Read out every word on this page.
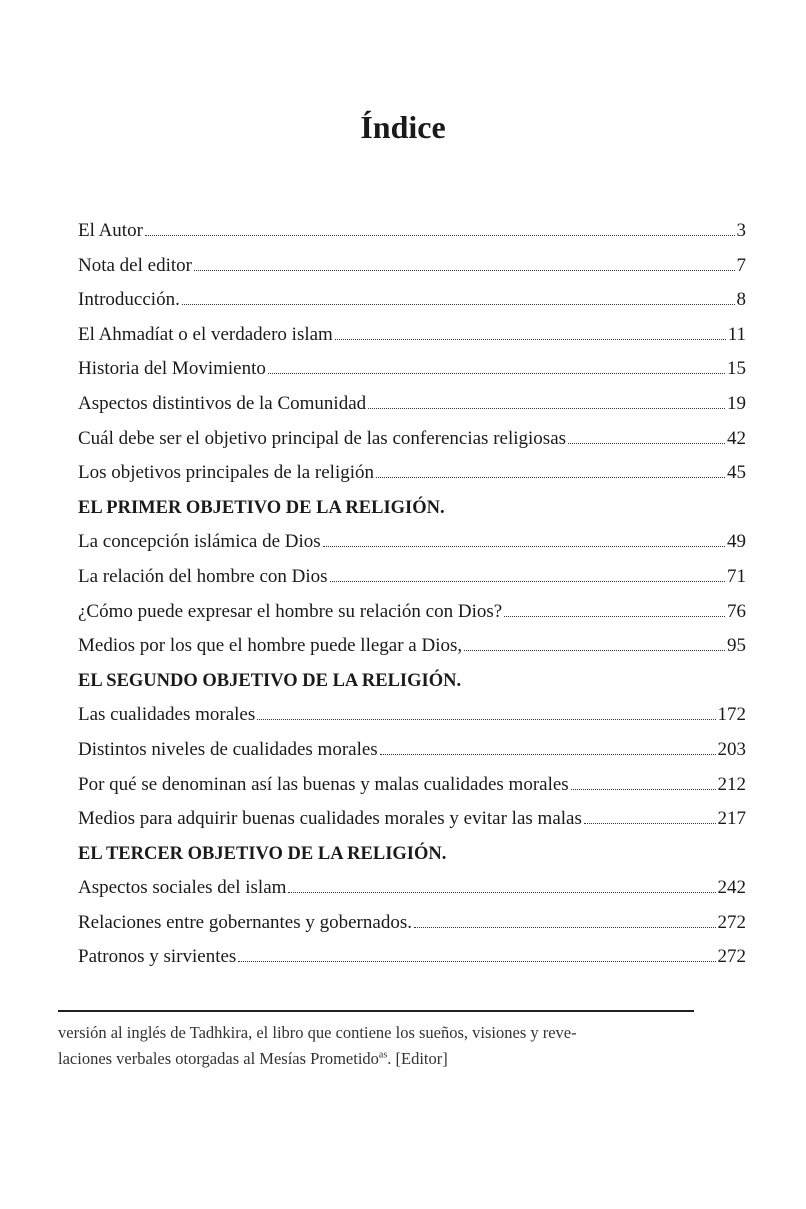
Índice
El Autor	3
Nota del editor	7
Introducción.	8
El Ahmadíat o el verdadero islam	11
Historia del Movimiento	15
Aspectos distintivos de la Comunidad	19
Cuál debe ser el objetivo principal de las conferencias religiosas	42
Los objetivos principales de la religión	45
EL PRIMER OBJETIVO DE LA RELIGIÓN.
La concepción islámica de Dios	49
La relación del hombre con Dios	71
¿Cómo puede expresar el hombre su relación con Dios?	76
Medios por los que el hombre puede llegar a Dios,	95
EL SEGUNDO OBJETIVO DE LA RELIGIÓN.
Las cualidades morales	172
Distintos niveles de cualidades morales	203
Por qué se denominan así las buenas y malas cualidades morales	212
Medios para adquirir buenas cualidades morales y evitar las malas	217
EL TERCER OBJETIVO DE LA RELIGIÓN.
Aspectos sociales del islam	242
Relaciones entre gobernantes y gobernados.	272
Patronos y sirvientes	272

versión al inglés de Tadhkira, el libro que contiene los sueños, visiones y reve-
laciones verbales otorgadas al Mesías Prometido$^{as}$. [Editor]
